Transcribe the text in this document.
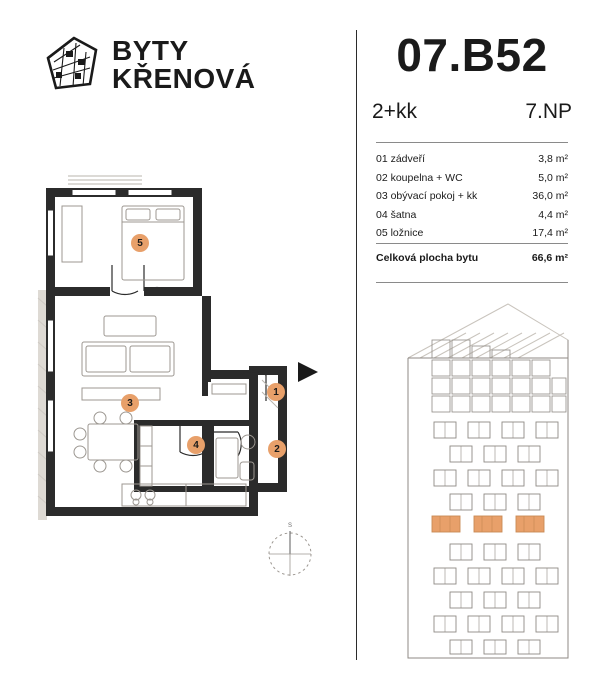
BYTY
KŘENOVÁ	07.B52
2+kk	7.NP
01 zádveří	3,8 m²
02 koupelna + WC	5,0 m²
03 obývací pokoj + kk	36,0 m²
04 šatna	4,4 m²
05 ložnice	17,4 m²
Celková plocha bytu	66,6 m²
1
2
3
4
5
S
